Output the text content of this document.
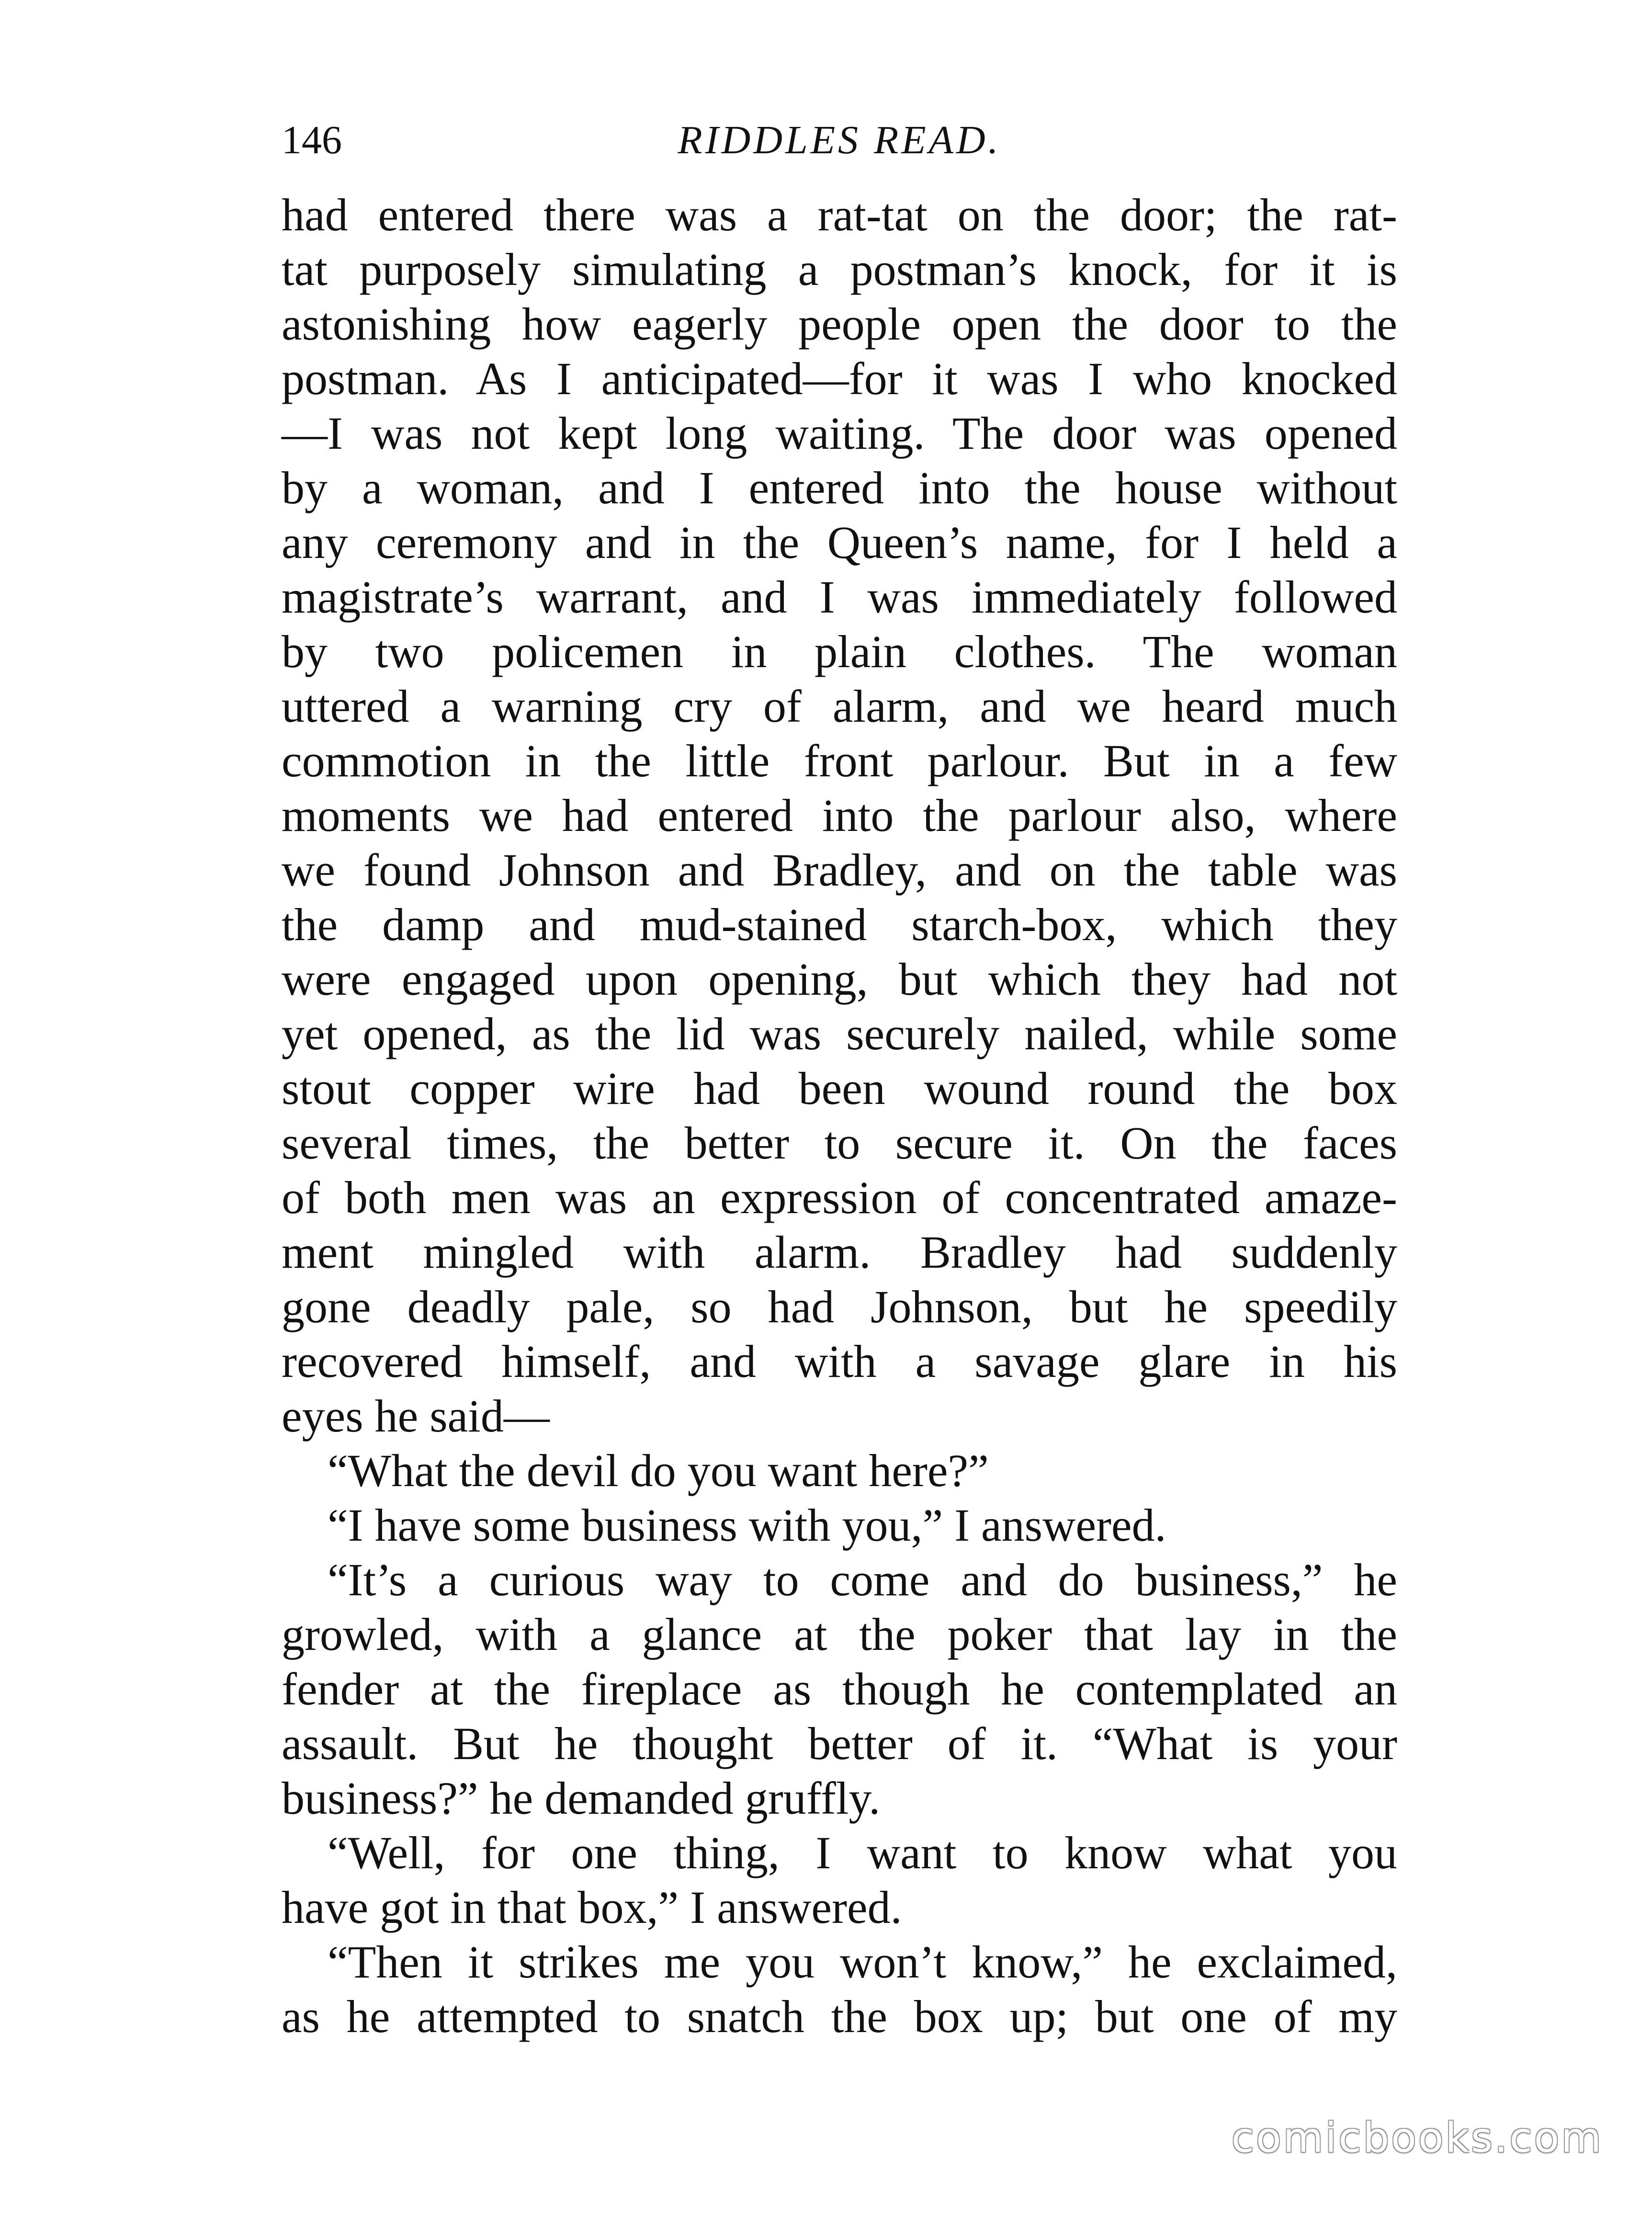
146	RIDDLES READ.
had entered there was a rat-tat on the door; the rat-
tat purposely simulating a postman’s knock, for it is
astonishing how eagerly people open the door to the
postman. As I anticipated—for it was I who knocked
—I was not kept long waiting. The door was opened
by a woman, and I entered into the house without
any ceremony and in the Queen’s name, for I held a
magistrate’s warrant, and I was immediately followed
by two policemen in plain clothes. The woman
uttered a warning cry of alarm, and we heard much
commotion in the little front parlour. But in a few
moments we had entered into the parlour also, where
we found Johnson and Bradley, and on the table was
the damp and mud-stained starch-box, which they
were engaged upon opening, but which they had not
yet opened, as the lid was securely nailed, while some
stout copper wire had been wound round the box
several times, the better to secure it. On the faces
of both men was an expression of concentrated amaze-
ment mingled with alarm. Bradley had suddenly
gone deadly pale, so had Johnson, but he speedily
recovered himself, and with a savage glare in his
eyes he said—
“What the devil do you want here?”
“I have some business with you,” I answered.
“It’s a curious way to come and do business,” he
growled, with a glance at the poker that lay in the
fender at the fireplace as though he contemplated an
assault. But he thought better of it. “What is your
business?” he demanded gruffly.
“Well, for one thing, I want to know what you
have got in that box,” I answered.
“Then it strikes me you won’t know,” he exclaimed,
as he attempted to snatch the box up; but one of my
comicbooks.com
